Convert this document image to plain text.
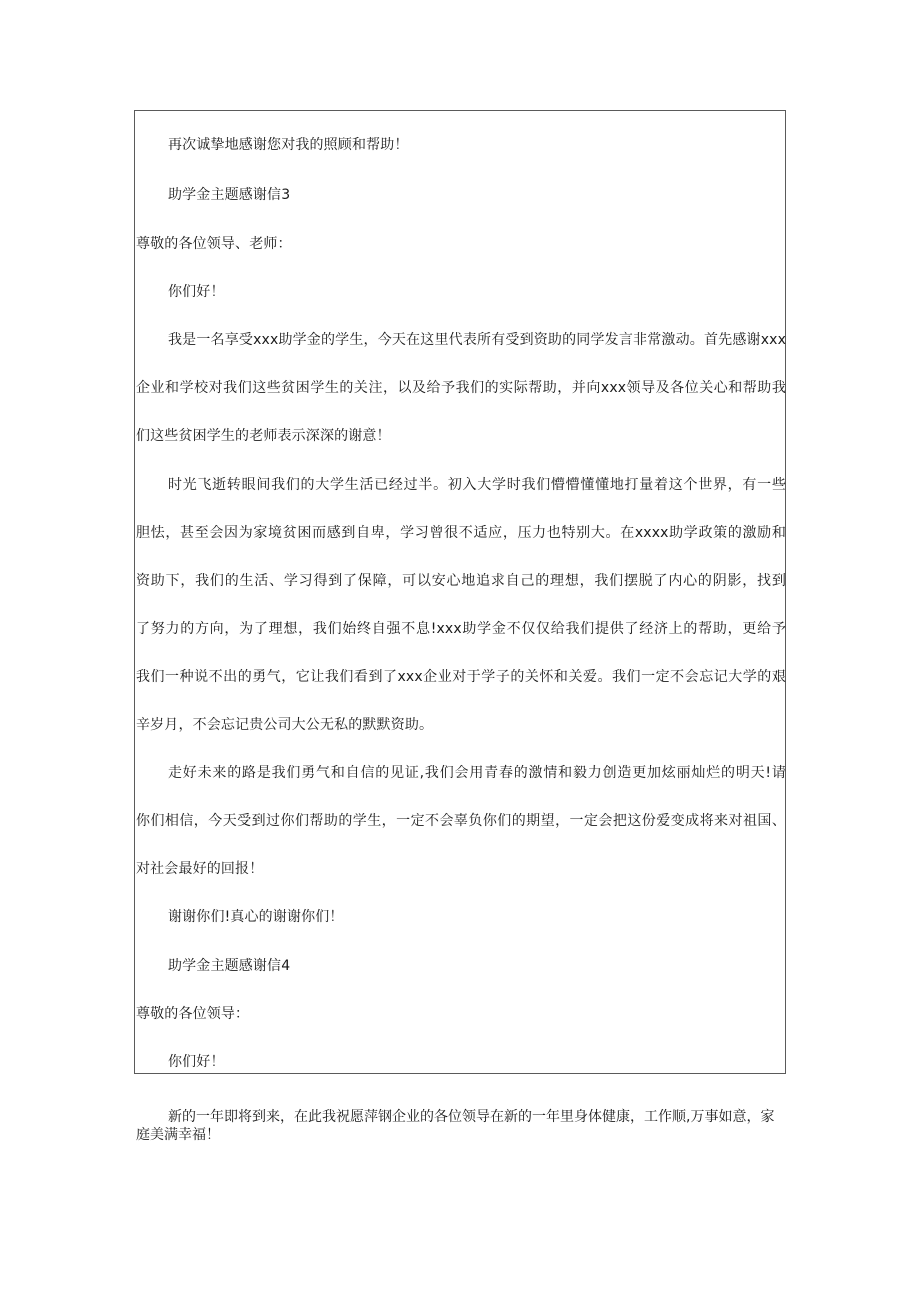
再次诚挚地感谢您对我的照顾和帮助！
助学金主题感谢信3
尊敬的各位领导、老师：
你们好！
我是一名享受xxx助学金的学生，今天在这里代表所有受到资助的同学发言非常激动。首先感谢xxx
企业和学校对我们这些贫困学生的关注，以及给予我们的实际帮助，并向xxx领导及各位关心和帮助我
们这些贫困学生的老师表示深深的谢意！
时光飞逝转眼间我们的大学生活已经过半。初入大学时我们懵懵懂懂地打量着这个世界，有一些
胆怯，甚至会因为家境贫困而感到自卑，学习曾很不适应，压力也特别大。在xxxx助学政策的激励和
资助下，我们的生活、学习得到了保障，可以安心地追求自己的理想，我们摆脱了内心的阴影，找到
了努力的方向，为了理想，我们始终自强不息!xxx助学金不仅仅给我们提供了经济上的帮助，更给予
我们一种说不出的勇气，它让我们看到了xxx企业对于学子的关怀和关爱。我们一定不会忘记大学的艰
辛岁月，不会忘记贵公司大公无私的默默资助。
走好未来的路是我们勇气和自信的见证,我们会用青春的激情和毅力创造更加炫丽灿烂的明天!请
你们相信，今天受到过你们帮助的学生，一定不会辜负你们的期望，一定会把这份爱变成将来对祖国、
对社会最好的回报！
谢谢你们!真心的谢谢你们！
助学金主题感谢信4
尊敬的各位领导：
你们好！
新的一年即将到来，在此我祝愿萍钢企业的各位领导在新的一年里身体健康，工作顺,万事如意，家庭美满幸福！
